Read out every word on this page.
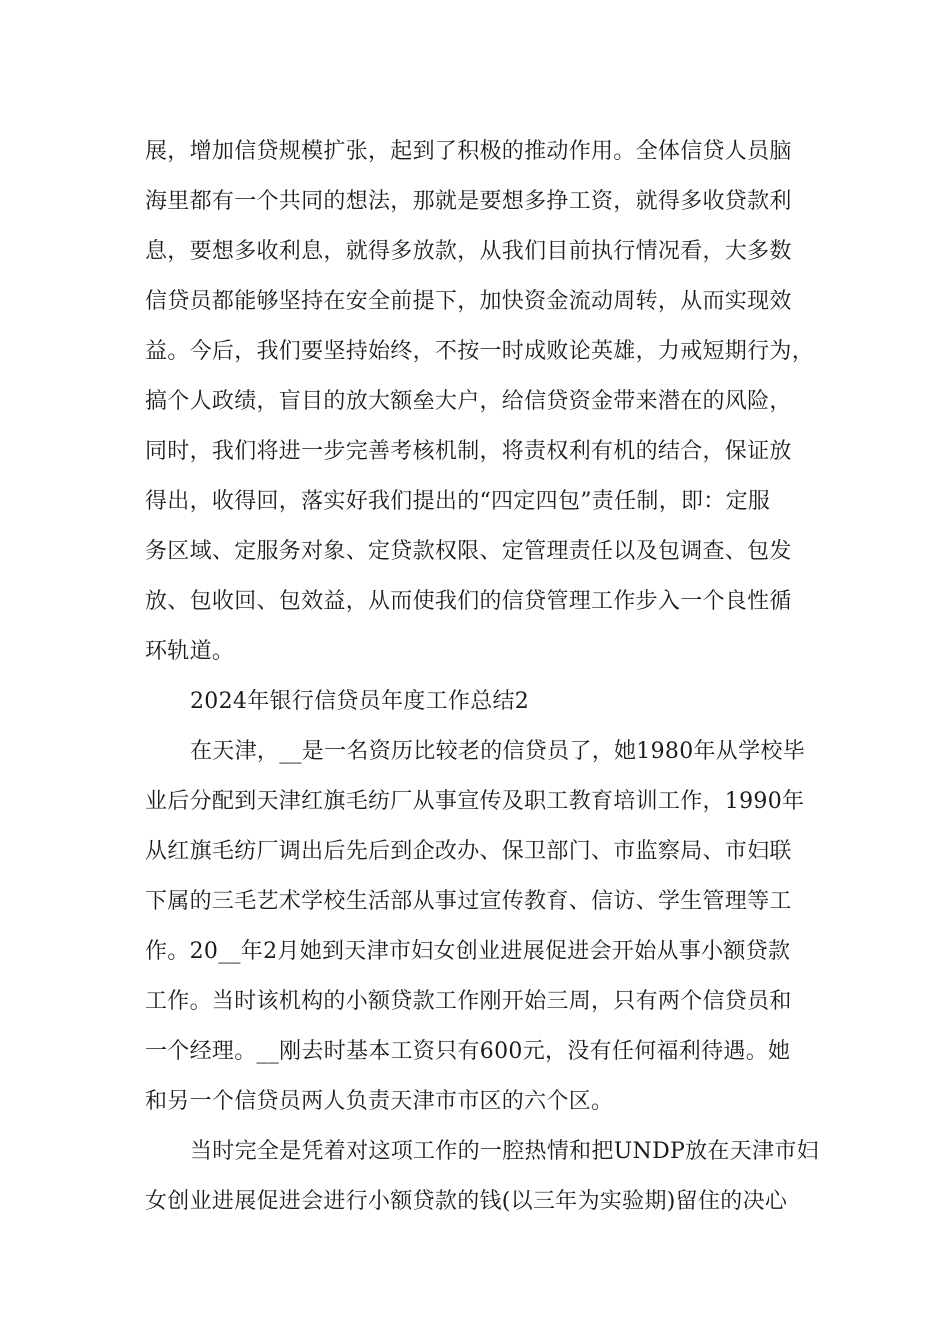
展，增加信贷规模扩张，起到了积极的推动作用。全体信贷人员脑
海里都有一个共同的想法，那就是要想多挣工资，就得多收贷款利
息，要想多收利息，就得多放款，从我们目前执行情况看，大多数
信贷员都能够坚持在安全前提下，加快资金流动周转，从而实现效
益。今后，我们要坚持始终，不按一时成败论英雄，力戒短期行为，
搞个人政绩，盲目的放大额垒大户，给信贷资金带来潜在的风险，
同时，我们将进一步完善考核机制，将责权利有机的结合，保证放
得出，收得回，落实好我们提出的“四定四包”责任制，即：定服
务区域、定服务对象、定贷款权限、定管理责任以及包调查、包发
放、包收回、包效益，从而使我们的信贷管理工作步入一个良性循
环轨道。
2024年银行信贷员年度工作总结2
在天津，__是一名资历比较老的信贷员了，她1980年从学校毕
业后分配到天津红旗毛纺厂从事宣传及职工教育培训工作，1990年
从红旗毛纺厂调出后先后到企改办、保卫部门、市监察局、市妇联
下属的三毛艺术学校生活部从事过宣传教育、信访、学生管理等工
作。20__年2月她到天津市妇女创业进展促进会开始从事小额贷款
工作。当时该机构的小额贷款工作刚开始三周，只有两个信贷员和
一个经理。__刚去时基本工资只有600元，没有任何福利待遇。她
和另一个信贷员两人负责天津市市区的六个区。
当时完全是凭着对这项工作的一腔热情和把UNDP放在天津市妇
女创业进展促进会进行小额贷款的钱(以三年为实验期)留住的决心
